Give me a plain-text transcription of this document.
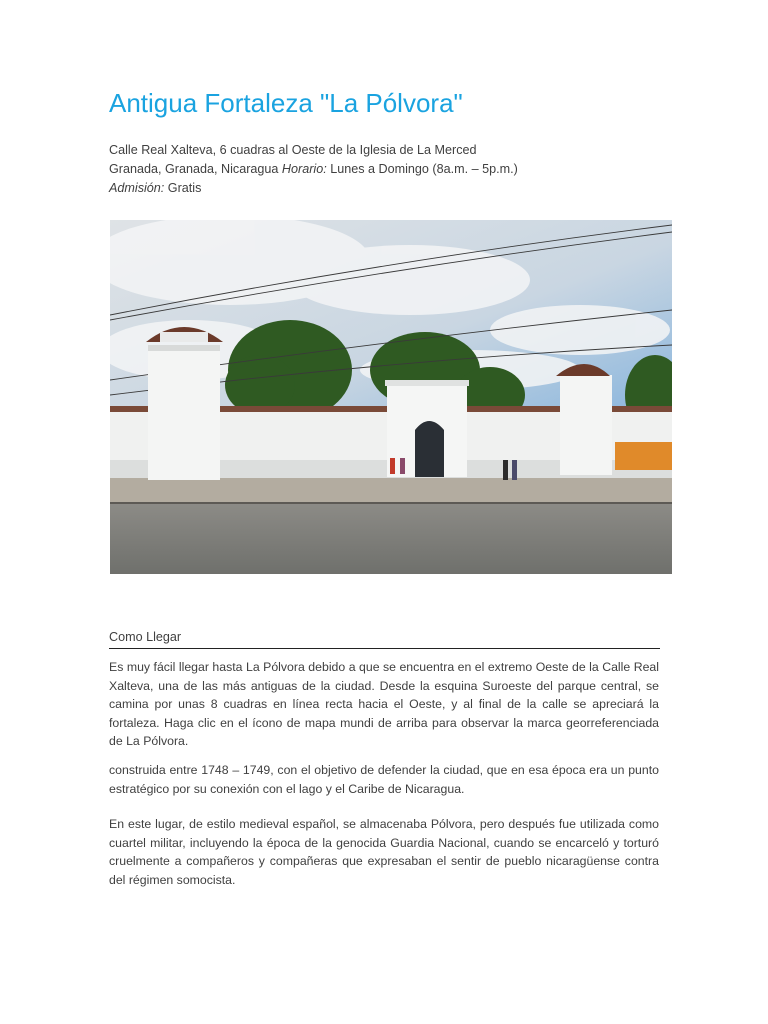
Antigua Fortaleza "La Pólvora"
Calle Real Xalteva, 6 cuadras al Oeste de la Iglesia de La Merced
Granada, Granada, Nicaragua Horario: Lunes a Domingo (8a.m. – 5p.m.)
Admisión: Gratis
Como Llegar

Es muy fácil llegar hasta La Pólvora debido a que se encuentra en el extremo Oeste de la Calle Real Xalteva, una de las más antiguas de la ciudad. Desde la esquina Suroeste del parque central, se camina por unas 8 cuadras en línea recta hacia el Oeste, y al final de la calle se apreciará la fortaleza. Haga clic en el ícono de mapa mundi de arriba para observar la marca georreferenciada de La Pólvora.

construida entre 1748 – 1749, con el objetivo de defender la ciudad, que en esa época era un punto estratégico por su conexión con el lago y el Caribe de Nicaragua.

En este lugar, de estilo medieval español, se almacenaba Pólvora, pero después fue utilizada como cuartel militar, incluyendo la época de la genocida Guardia Nacional, cuando se encarceló y torturó cruelmente a compañeros y compañeras que expresaban el sentir de pueblo nicaragüense contra del régimen somocista.
